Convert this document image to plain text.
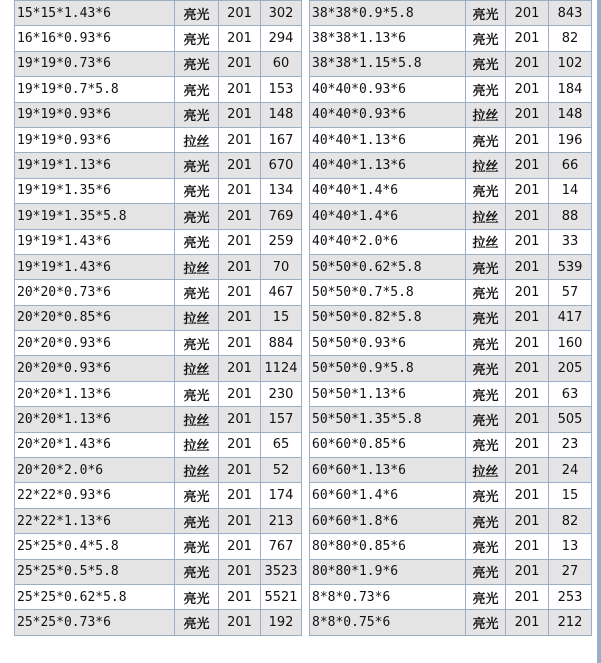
15*15*1.43*6	亮光	201	302
16*16*0.93*6	亮光	201	294
19*19*0.73*6	亮光	201	60
19*19*0.7*5.8	亮光	201	153
19*19*0.93*6	亮光	201	148
19*19*0.93*6	拉丝	201	167
19*19*1.13*6	亮光	201	670
19*19*1.35*6	亮光	201	134
19*19*1.35*5.8	亮光	201	769
19*19*1.43*6	亮光	201	259
19*19*1.43*6	拉丝	201	70
20*20*0.73*6	亮光	201	467
20*20*0.85*6	拉丝	201	15
20*20*0.93*6	亮光	201	884
20*20*0.93*6	拉丝	201	1124
20*20*1.13*6	亮光	201	230
20*20*1.13*6	拉丝	201	157
20*20*1.43*6	拉丝	201	65
20*20*2.0*6	拉丝	201	52
22*22*0.93*6	亮光	201	174
22*22*1.13*6	亮光	201	213
25*25*0.4*5.8	亮光	201	767
25*25*0.5*5.8	亮光	201	3523
25*25*0.62*5.8	亮光	201	5521
25*25*0.73*6	亮光	201	192
38*38*0.9*5.8	亮光	201	843
38*38*1.13*6	亮光	201	82
38*38*1.15*5.8	亮光	201	102
40*40*0.93*6	亮光	201	184
40*40*0.93*6	拉丝	201	148
40*40*1.13*6	亮光	201	196
40*40*1.13*6	拉丝	201	66
40*40*1.4*6	亮光	201	14
40*40*1.4*6	拉丝	201	88
40*40*2.0*6	拉丝	201	33
50*50*0.62*5.8	亮光	201	539
50*50*0.7*5.8	亮光	201	57
50*50*0.82*5.8	亮光	201	417
50*50*0.93*6	亮光	201	160
50*50*0.9*5.8	亮光	201	205
50*50*1.13*6	亮光	201	63
50*50*1.35*5.8	亮光	201	505
60*60*0.85*6	亮光	201	23
60*60*1.13*6	拉丝	201	24
60*60*1.4*6	亮光	201	15
60*60*1.8*6	亮光	201	82
80*80*0.85*6	亮光	201	13
80*80*1.9*6	亮光	201	27
8*8*0.73*6	亮光	201	253
8*8*0.75*6	亮光	201	212
